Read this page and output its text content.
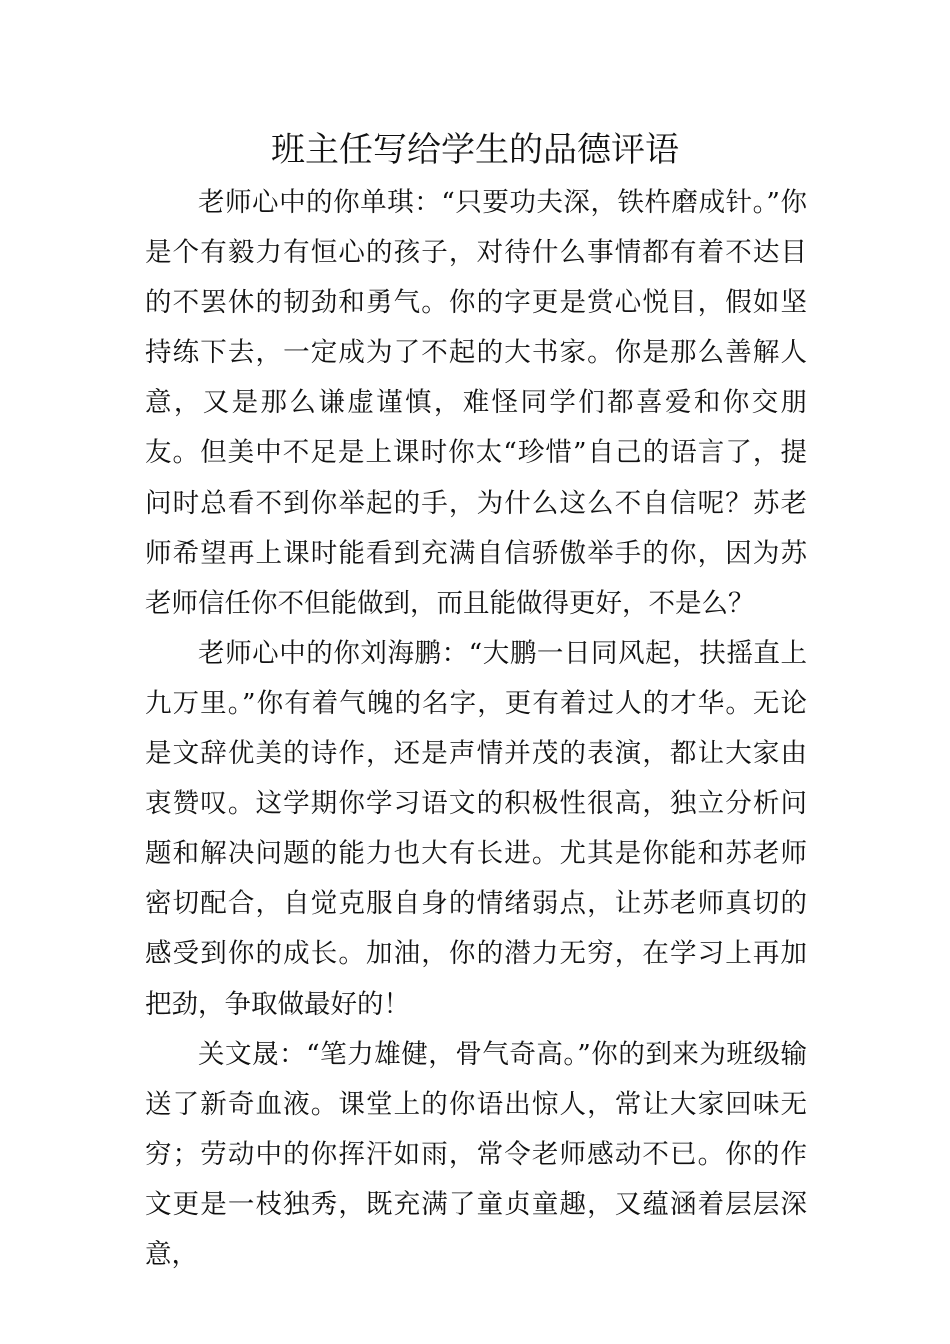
班主任写给学生的品德评语

老师心中的你单琪：“只要功夫深，铁杵磨成针。”你是个有毅力有恒心的孩子，对待什么事情都有着不达目的不罢休的韧劲和勇气。你的字更是赏心悦目，假如坚持练下去，一定成为了不起的大书家。你是那么善解人意，又是那么谦虚谨慎，难怪同学们都喜爱和你交朋友。但美中不足是上课时你太“珍惜”自己的语言了，提问时总看不到你举起的手，为什么这么不自信呢？苏老师希望再上课时能看到充满自信骄傲举手的你，因为苏老师信任你不但能做到，而且能做得更好，不是么？

老师心中的你刘海鹏：“大鹏一日同风起，扶摇直上九万里。”你有着气魄的名字，更有着过人的才华。无论是文辞优美的诗作，还是声情并茂的表演，都让大家由衷赞叹。这学期你学习语文的积极性很高，独立分析问题和解决问题的能力也大有长进。尤其是你能和苏老师密切配合，自觉克服自身的情绪弱点，让苏老师真切的感受到你的成长。加油，你的潜力无穷，在学习上再加把劲，争取做最好的！

关文晟：“笔力雄健，骨气奇高。”你的到来为班级输送了新奇血液。课堂上的你语出惊人，常让大家回味无穷；劳动中的你挥汗如雨，常令老师感动不已。你的作文更是一枝独秀，既充满了童贞童趣，又蕴涵着层层深意，
